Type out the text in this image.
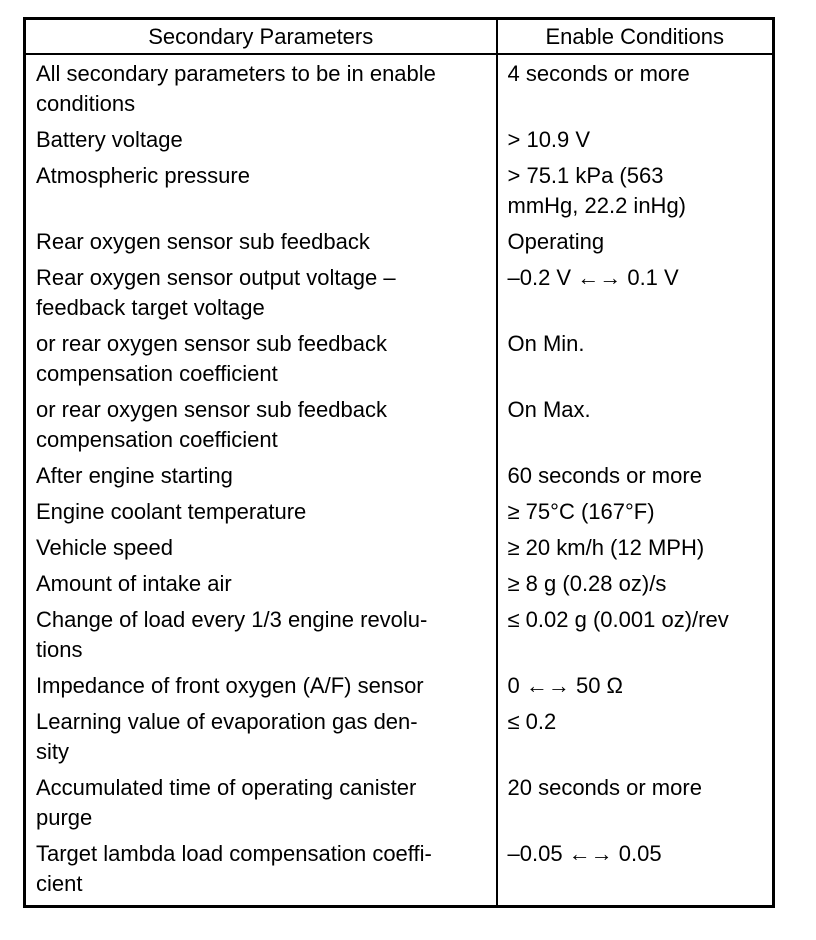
Secondary Parameters	Enable Conditions

All secondary parameters to be in enable
conditions	4 seconds or more

Battery voltage	> 10.9 V

Atmospheric pressure	> 75.1 kPa (563
mmHg, 22.2 inHg)

Rear oxygen sensor sub feedback	Operating

Rear oxygen sensor output voltage –
feedback target voltage	–0.2 V ←→ 0.1 V

or rear oxygen sensor sub feedback
compensation coefficient	On Min.

or rear oxygen sensor sub feedback
compensation coefficient	On Max.

After engine starting	60 seconds or more

Engine coolant temperature	≥ 75°C (167°F)

Vehicle speed	≥ 20 km/h (12 MPH)

Amount of intake air	≥ 8 g (0.28 oz)/s

Change of load every 1/3 engine revolu-
tions	≤ 0.02 g (0.001 oz)/rev

Impedance of front oxygen (A/F) sensor	0 ←→ 50 Ω

Learning value of evaporation gas den-
sity	≤ 0.2

Accumulated time of operating canister
purge	20 seconds or more

Target lambda load compensation coeffi-
cient	–0.05 ←→ 0.05
